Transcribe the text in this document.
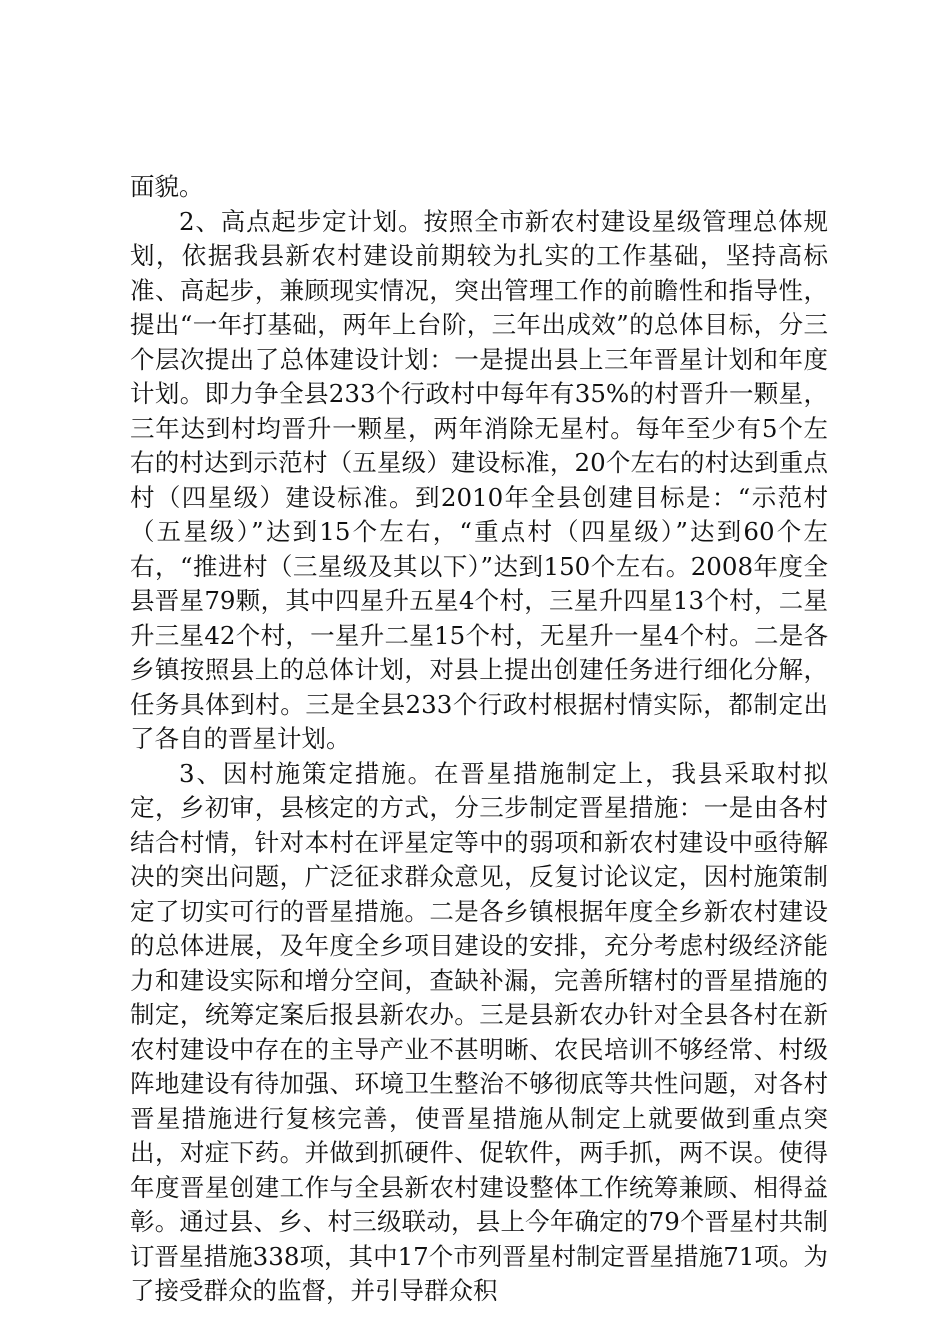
面貌。

2、高点起步定计划。按照全市新农村建设星级管理总体规划，依据我县新农村建设前期较为扎实的工作基础，坚持高标准、高起步，兼顾现实情况，突出管理工作的前瞻性和指导性，提出“一年打基础，两年上台阶，三年出成效”的总体目标，分三个层次提出了总体建设计划：一是提出县上三年晋星计划和年度计划。即力争全县233个行政村中每年有35%的村晋升一颗星，三年达到村均晋升一颗星，两年消除无星村。每年至少有5个左右的村达到示范村（五星级）建设标准，20个左右的村达到重点村（四星级）建设标准。到2010年全县创建目标是：“示范村（五星级）”达到15个左右，“重点村（四星级）”达到60个左右，“推进村（三星级及其以下）”达到150个左右。2008年度全县晋星79颗，其中四星升五星4个村，三星升四星13个村，二星升三星42个村，一星升二星15个村，无星升一星4个村。二是各乡镇按照县上的总体计划，对县上提出创建任务进行细化分解，任务具体到村。三是全县233个行政村根据村情实际，都制定出了各自的晋星计划。

3、因村施策定措施。在晋星措施制定上，我县采取村拟定，乡初审，县核定的方式，分三步制定晋星措施：一是由各村结合村情，针对本村在评星定等中的弱项和新农村建设中亟待解决的突出问题，广泛征求群众意见，反复讨论议定，因村施策制定了切实可行的晋星措施。二是各乡镇根据年度全乡新农村建设的总体进展，及年度全乡项目建设的安排，充分考虑村级经济能力和建设实际和增分空间，查缺补漏，完善所辖村的晋星措施的制定，统筹定案后报县新农办。三是县新农办针对全县各村在新农村建设中存在的主导产业不甚明晰、农民培训不够经常、村级阵地建设有待加强、环境卫生整治不够彻底等共性问题，对各村晋星措施进行复核完善，使晋星措施从制定上就要做到重点突出，对症下药。并做到抓硬件、促软件，两手抓，两不误。使得年度晋星创建工作与全县新农村建设整体工作统筹兼顾、相得益彰。通过县、乡、村三级联动，县上今年确定的79个晋星村共制订晋星措施338项，其中17个市列晋星村制定晋星措施71项。为了接受群众的监督，并引导群众积
